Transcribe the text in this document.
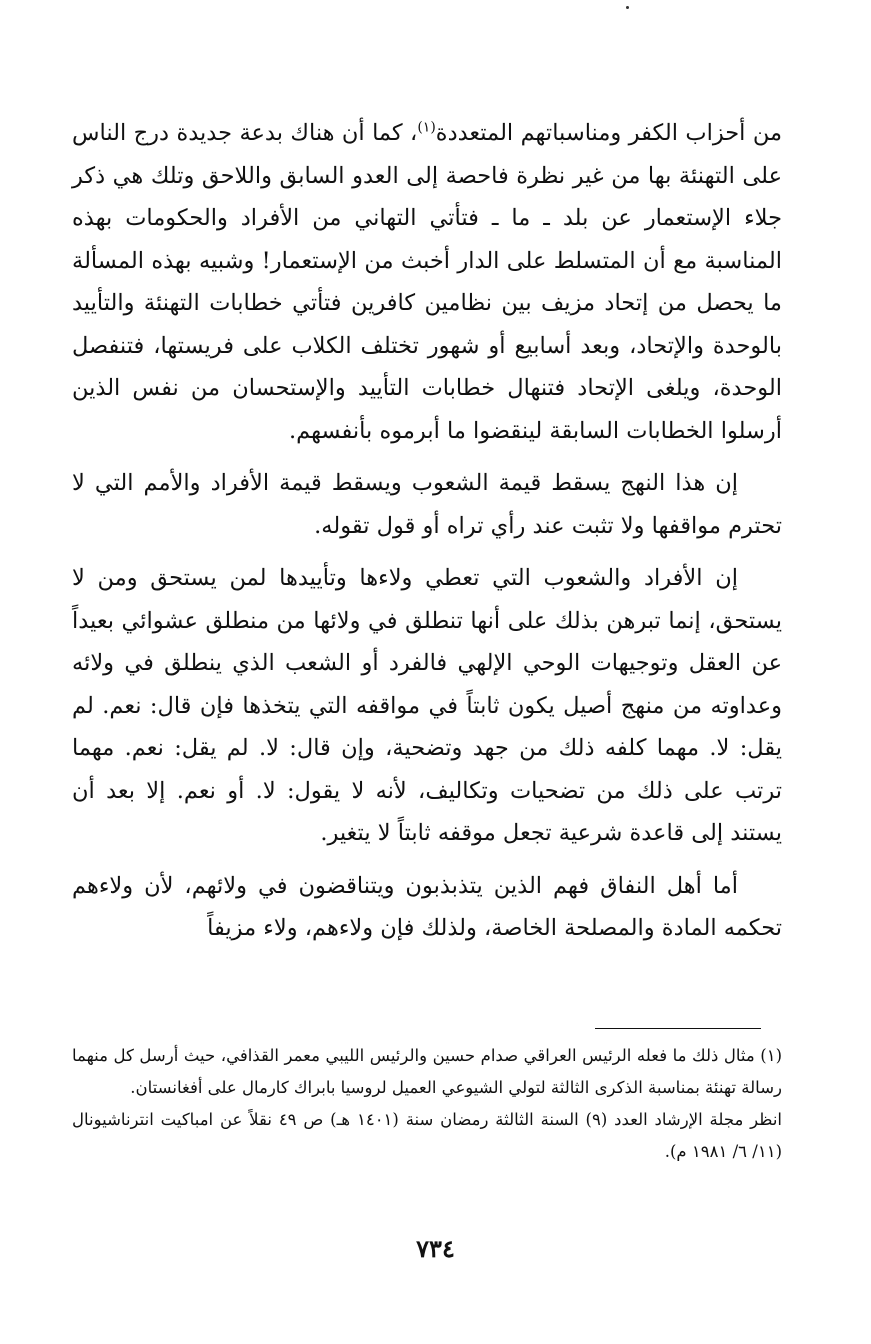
من أحزاب الكفر ومناسباتهم المتعددة$^{(١)}$، كما أن هناك بدعة جديدة درج الناس على التهنئة بها من غير نظرة فاحصة إلى العدو السابق واللاحق وتلك هي ذكر جلاء الإستعمار عن بلد ـ ما ـ فتأتي التهاني من الأفراد والحكومات بهذه المناسبة مع أن المتسلط على الدار أخبث من الإستعمار! وشبيه بهذه المسألة ما يحصل من إتحاد مزيف بين نظامين كافرين فتأتي خطابات التهنئة والتأييد بالوحدة والإتحاد، وبعد أسابيع أو شهور تختلف الكلاب على فريستها، فتنفصل الوحدة، ويلغى الإتحاد فتنهال خطابات التأييد والإستحسان من نفس الذين أرسلوا الخطابات السابقة لينقضوا ما أبرموه بأنفسهم.

إن هذا النهج يسقط قيمة الشعوب ويسقط قيمة الأفراد والأمم التي لا تحترم مواقفها ولا تثبت عند رأي تراه أو قول تقوله.

إن الأفراد والشعوب التي تعطي ولاءها وتأييدها لمن يستحق ومن لا يستحق، إنما تبرهن بذلك على أنها تنطلق في ولائها من منطلق عشوائي بعيداً عن العقل وتوجيهات الوحي الإلهي فالفرد أو الشعب الذي ينطلق في ولائه وعداوته من منهج أصيل يكون ثابتاً في مواقفه التي يتخذها فإن قال: نعم. لم يقل: لا. مهما كلفه ذلك من جهد وتضحية، وإن قال: لا. لم يقل: نعم. مهما ترتب على ذلك من تضحيات وتكاليف، لأنه لا يقول: لا. أو نعم. إلا بعد أن يستند إلى قاعدة شرعية تجعل موقفه ثابتاً لا يتغير.

أما أهل النفاق فهم الذين يتذبذبون ويتناقضون في ولائهم، لأن ولاءهم تحكمه المادة والمصلحة الخاصة، ولذلك فإن ولاءهم، ولاء مزيفاً

(١) مثال ذلك ما فعله الرئيس العراقي صدام حسين والرئيس الليبي معمر القذافي، حيث أرسل كل منهما رسالة تهنئة بمناسبة الذكرى الثالثة لتولي الشيوعي العميل لروسيا بابراك كارمال على أفغانستان.

انظر مجلة الإرشاد العدد (٩) السنة الثالثة رمضان سنة (١٤٠١ هـ) ص ٤٩ نقلاً عن امباكيت انترناشيونال (١١/ ٦/ ١٩٨١ م).

٧٣٤
